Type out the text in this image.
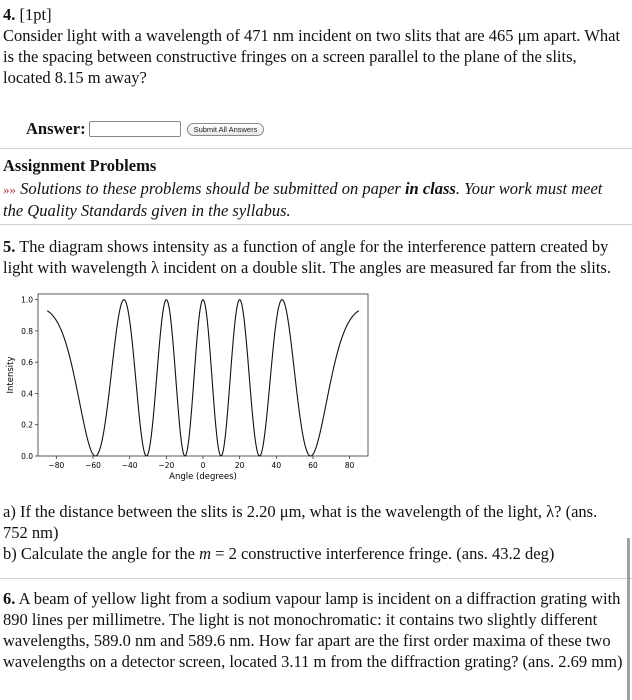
4. [1pt]
Consider light with a wavelength of 471 nm incident on two slits that are 465 μm apart. What is the spacing between constructive fringes on a screen parallel to the plane of the slits, located 8.15 m away?
Answer:	Submit All Answers
Assignment Problems
»» Solutions to these problems should be submitted on paper in class. Your work must meet the Quality Standards given in the syllabus.
5. The diagram shows intensity as a function of angle for the interference pattern created by light with wavelength λ incident on a double slit. The angles are measured far from the slits.
0.0
0.2
0.4
0.6
0.8
1.0
−80	−60	−40	−20	0	20	40	60	80
Angle (degrees)
Intensity
a) If the distance between the slits is 2.20 μm, what is the wavelength of the light, λ? (ans. 752 nm)
b) Calculate the angle for the m = 2 constructive interference fringe. (ans. 43.2 deg)
6. A beam of yellow light from a sodium vapour lamp is incident on a diffraction grating with 890 lines per millimetre. The light is not monochromatic: it contains two slightly different wavelengths, 589.0 nm and 589.6 nm. How far apart are the first order maxima of these two wavelengths on a detector screen, located 3.11 m from the diffraction grating? (ans. 2.69 mm)
